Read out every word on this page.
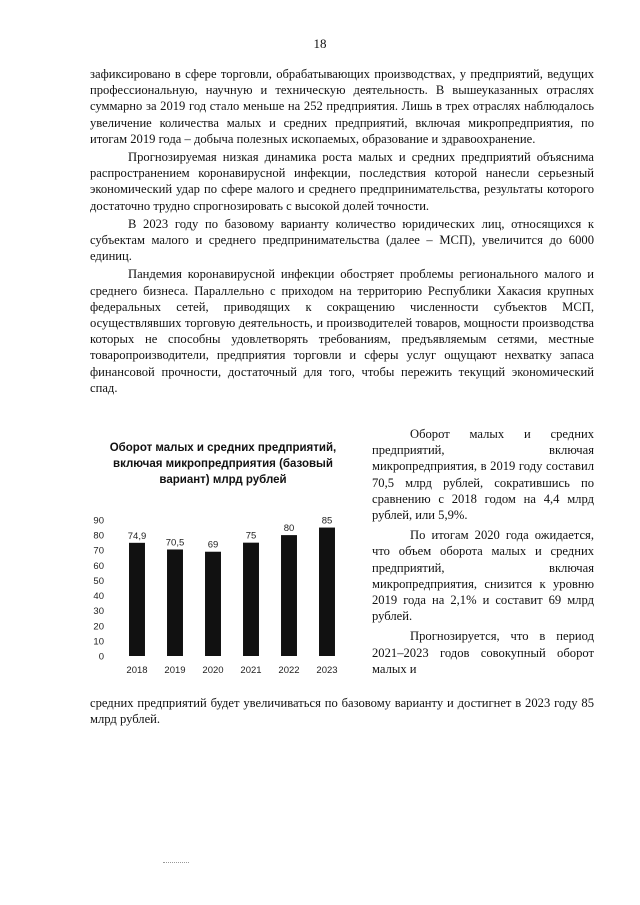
18

зафиксировано в сфере торговли, обрабатывающих производствах, у предприятий, ведущих профессиональную, научную и техническую деятельность. В вышеуказанных отраслях суммарно за 2019 год стало меньше на 252 предприятия. Лишь в трех отраслях наблюдалось увеличение количества малых и средних предприятий, включая микропредприятия, по итогам 2019 года – добыча полезных ископаемых, образование и здравоохранение.

Прогнозируемая низкая динамика роста малых и средних предприятий объяснима распространением коронавирусной инфекции, последствия которой нанесли серьезный экономический удар по сфере малого и среднего предпринимательства, результаты которого достаточно трудно спрогнозировать с высокой долей точности.

В 2023 году по базовому варианту количество юридических лиц, относящихся к субъектам малого и среднего предпринимательства (далее – МСП), увеличится до 6000 единиц.

Пандемия коронавирусной инфекции обостряет проблемы регионального малого и среднего бизнеса. Параллельно с приходом на территорию Республики Хакасия крупных федеральных сетей, приводящих к сокращению численности субъектов МСП, осуществлявших торговую деятельность, и производителей товаров, мощности производства которых не способны удовлетворять требованиям, предъявляемым сетями, местные товаропроизводители, предприятия торговли и сферы услуг ощущают нехватку запаса финансовой прочности, достаточный для того, чтобы пережить текущий экономический спад.

Оборот малых и средних предприятий, включая микропредприятия (базовый вариант) млрд рублей
0
10
20
30
40
50
60
70
80
90
74,9
70,5 69
75
80
85
2018 2019 2020 2021 2022 2023

Оборот малых и средних предприятий, включая микропредприятия, в 2019 году составил 70,5 млрд рублей, сократившись по сравнению с 2018 годом на 4,4 млрд рублей, или 5,9%.

По итогам 2020 года ожидается, что объем оборота малых и средних предприятий, включая микропредприятия, снизится к уровню 2019 года на 2,1% и составит 69 млрд рублей.

Прогнозируется, что в период 2021–2023 годов совокупный оборот малых и

средних предприятий будет увеличиваться по базовому варианту и достигнет в 2023 году 85 млрд рублей.
